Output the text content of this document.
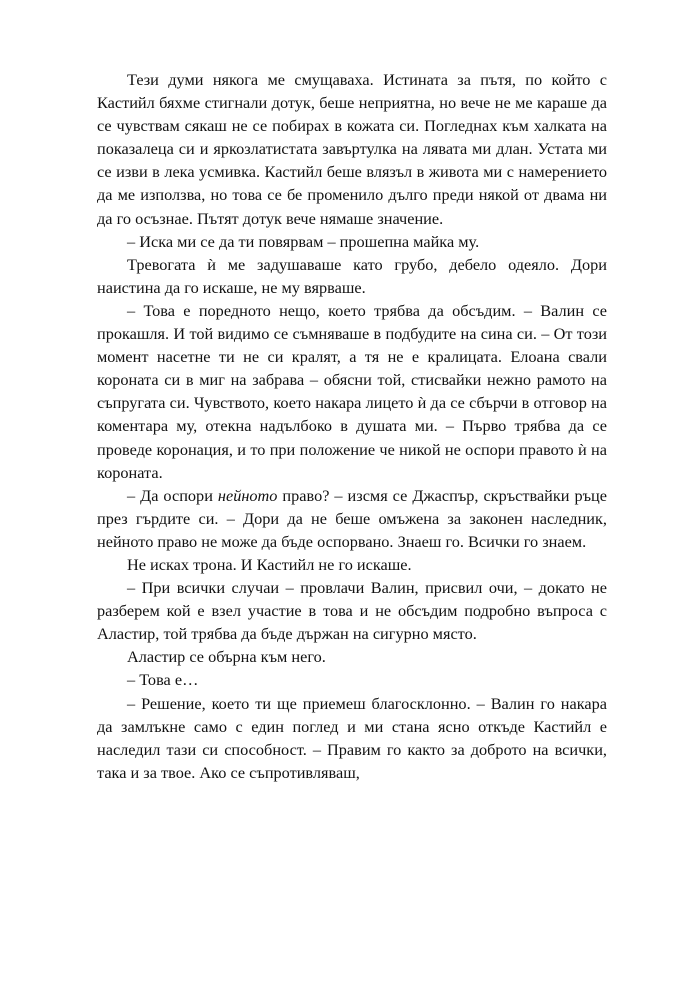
Тези думи някога ме смущаваха. Истината за пътя, по който с Кастийл бяхме стигнали дотук, беше неприятна, но вече не ме караше да се чувствам сякаш не се побирах в кожата си. Погледнах към халката на показалеца си и яркозлатистата завъртулка на лявата ми длан. Устата ми се изви в лека усмивка. Кастийл беше влязъл в живота ми с намерението да ме използва, но това се бе променило дълго преди някой от двама ни да го осъзнае. Пътят дотук вече нямаше значение.

– Иска ми се да ти повярвам – прошепна майка му.

Тревогата ѝ ме задушаваше като грубо, дебело одеяло. Дори наистина да го искаше, не му вярваше.

– Това е поредното нещо, което трябва да обсъдим. – Валин се прокашля. И той видимо се съмняваше в подбудите на сина си. – От този момент насетне ти не си кралят, а тя не е кралицата. Елоана свали короната си в миг на забрава – обясни той, стисвайки нежно рамото на съпругата си. Чувството, което накара лицето ѝ да се сбърчи в отговор на коментара му, отекна надълбоко в душата ми. – Първо трябва да се проведе коронация, и то при положение че никой не оспори правото ѝ на короната.

– Да оспори нейното право? – изсмя се Джаспър, скръствайки ръце през гърдите си. – Дори да не беше омъжена за законен наследник, нейното право не може да бъде оспорвано. Знаеш го. Всички го знаем.

Не исках трона. И Кастийл не го искаше.

– При всички случаи – провлачи Валин, присвил очи, – докато не разберем кой е взел участие в това и не обсъдим подробно въпроса с Аластир, той трябва да бъде държан на сигурно място.

Аластир се обърна към него.

– Това е…

– Решение, което ти ще приемеш благосклонно. – Валин го накара да замлъкне само с един поглед и ми стана ясно откъде Кастийл е наследил тази си способност. – Правим го както за доброто на всички, така и за твое. Ако се съпротивляваш,
